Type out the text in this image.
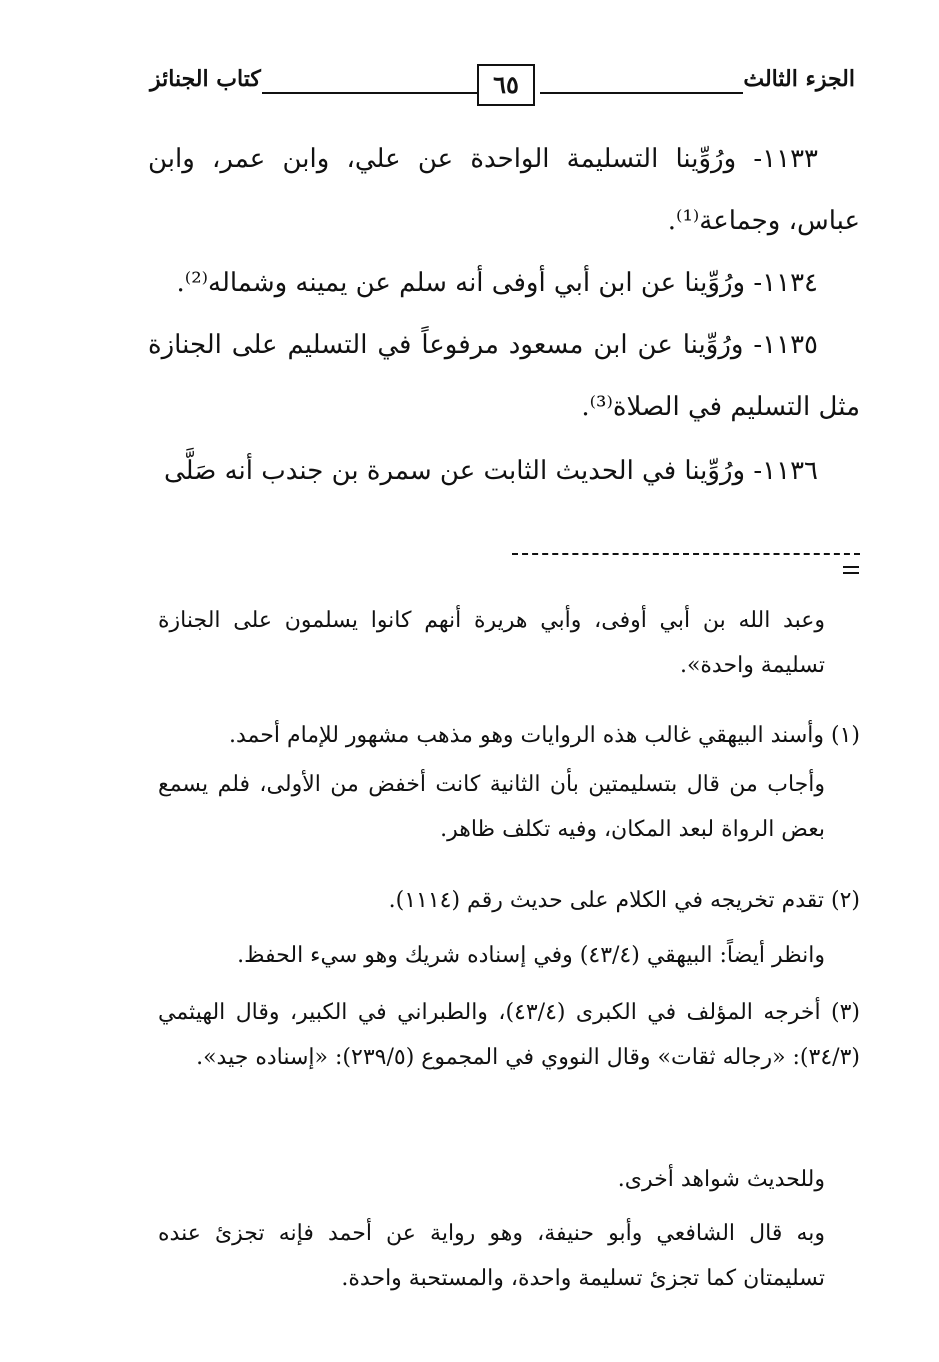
الجزء الثالث
٦٥
كتاب الجنائز
١١٣٣- ورُوِّينا التسليمة الواحدة عن علي، وابن عمر، وابن عباس، وجماعة⁽¹⁾.
١١٣٤- ورُوِّينا عن ابن أبي أوفى أنه سلم عن يمينه وشماله⁽²⁾.
١١٣٥- ورُوِّينا عن ابن مسعود مرفوعاً في التسليم على الجنازة مثل التسليم في الصلاة⁽³⁾.
١١٣٦- ورُوِّينا في الحديث الثابت عن سمرة بن جندب أنه صَلَّى
وعبد الله بن أبي أوفى، وأبي هريرة أنهم كانوا يسلمون على الجنازة تسليمة واحدة».
(١) وأسند البيهقي غالب هذه الروايات وهو مذهب مشهور للإمام أحمد.
وأجاب من قال بتسليمتين بأن الثانية كانت أخفض من الأولى، فلم يسمع بعض الرواة لبعد المكان، وفيه تكلف ظاهر.
(٢) تقدم تخريجه في الكلام على حديث رقم (١١١٤).
وانظر أيضاً: البيهقي (٤٣/٤) وفي إسناده شريك وهو سيء الحفظ.
(٣) أخرجه المؤلف في الكبرى (٤٣/٤)، والطبراني في الكبير، وقال الهيثمي (٣٤/٣): «رجاله ثقات» وقال النووي في المجموع (٢٣٩/٥): «إسناده جيد».
وللحديث شواهد أخرى.
وبه قال الشافعي وأبو حنيفة، وهو رواية عن أحمد فإنه تجزئ عنده تسليمتان كما تجزئ تسليمة واحدة، والمستحبة واحدة.
